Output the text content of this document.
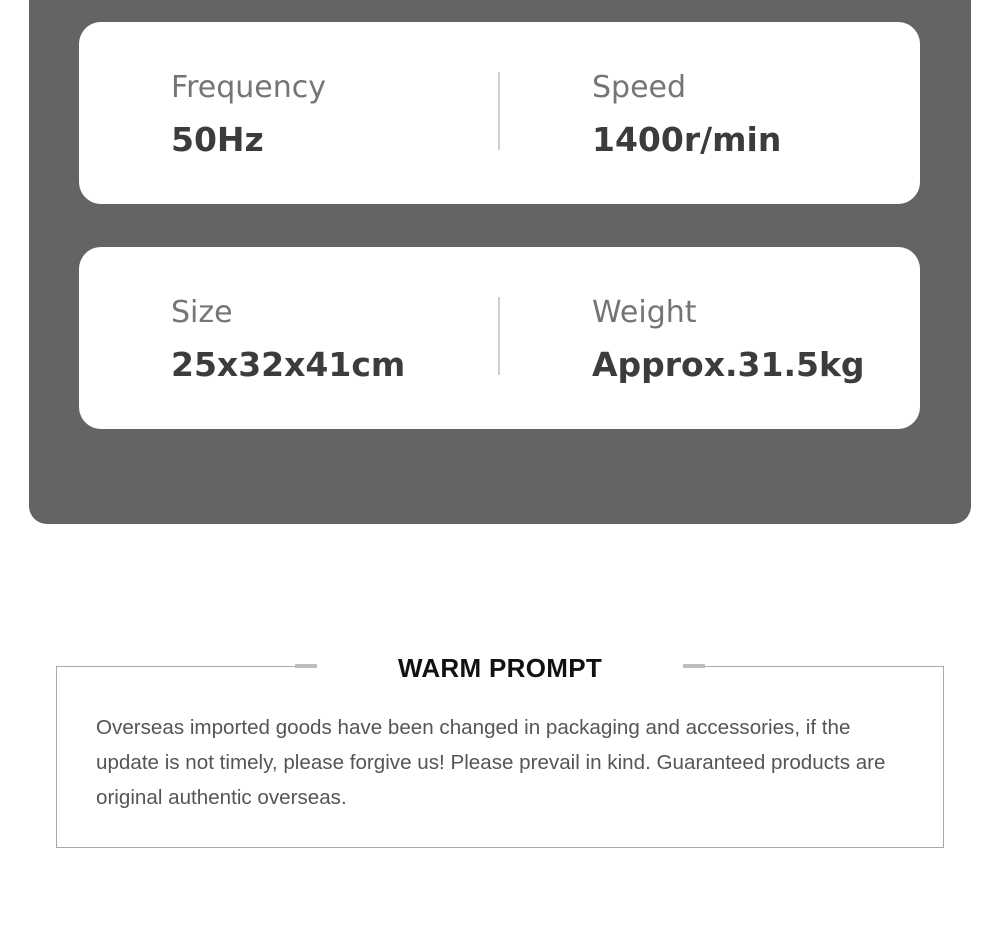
Frequency
50Hz
Speed
1400r/min
Size
25x32x41cm
Weight
Approx.31.5kg
WARM PROMPT
Overseas imported goods have been changed in packaging and accessories, if the update is not timely, please forgive us! Please prevail in kind. Guaranteed products are original authentic overseas.
